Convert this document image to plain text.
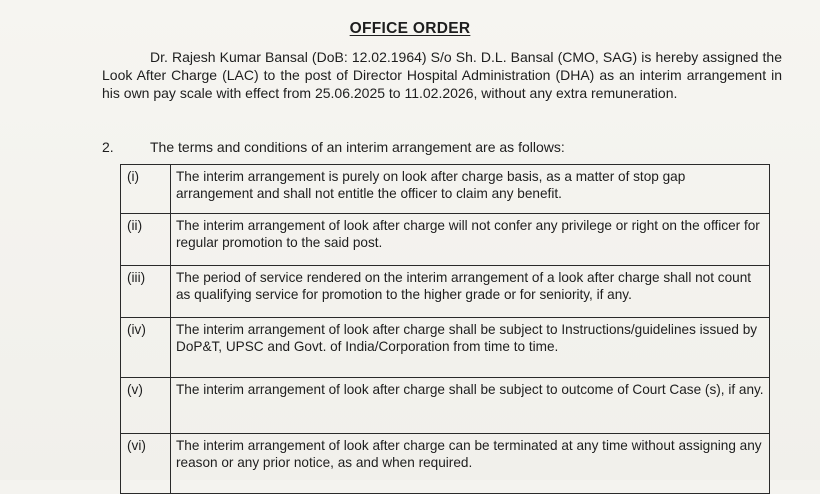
OFFICE ORDER

Dr. Rajesh Kumar Bansal (DoB: 12.02.1964) S/o Sh. D.L. Bansal (CMO, SAG) is hereby assigned the Look After Charge (LAC) to the post of Director Hospital Administration (DHA) as an interim arrangement in his own pay scale with effect from 25.06.2025 to 11.02.2026, without any extra remuneration.

2.	The terms and conditions of an interim arrangement are as follows:
(i)	The interim arrangement is purely on look after charge basis, as a matter of stop gap arrangement and shall not entitle the officer to claim any benefit.
(ii)	The interim arrangement of look after charge will not confer any privilege or right on the officer for regular promotion to the said post.
(iii)	The period of service rendered on the interim arrangement of a look after charge shall not count as qualifying service for promotion to the higher grade or for seniority, if any.
(iv)	The interim arrangement of look after charge shall be subject to Instructions/guidelines issued by DoP&T, UPSC and Govt. of India/Corporation from time to time.
(v)	The interim arrangement of look after charge shall be subject to outcome of Court Case (s), if any.
(vi)	The interim arrangement of look after charge can be terminated at any time without assigning any reason or any prior notice, as and when required.
